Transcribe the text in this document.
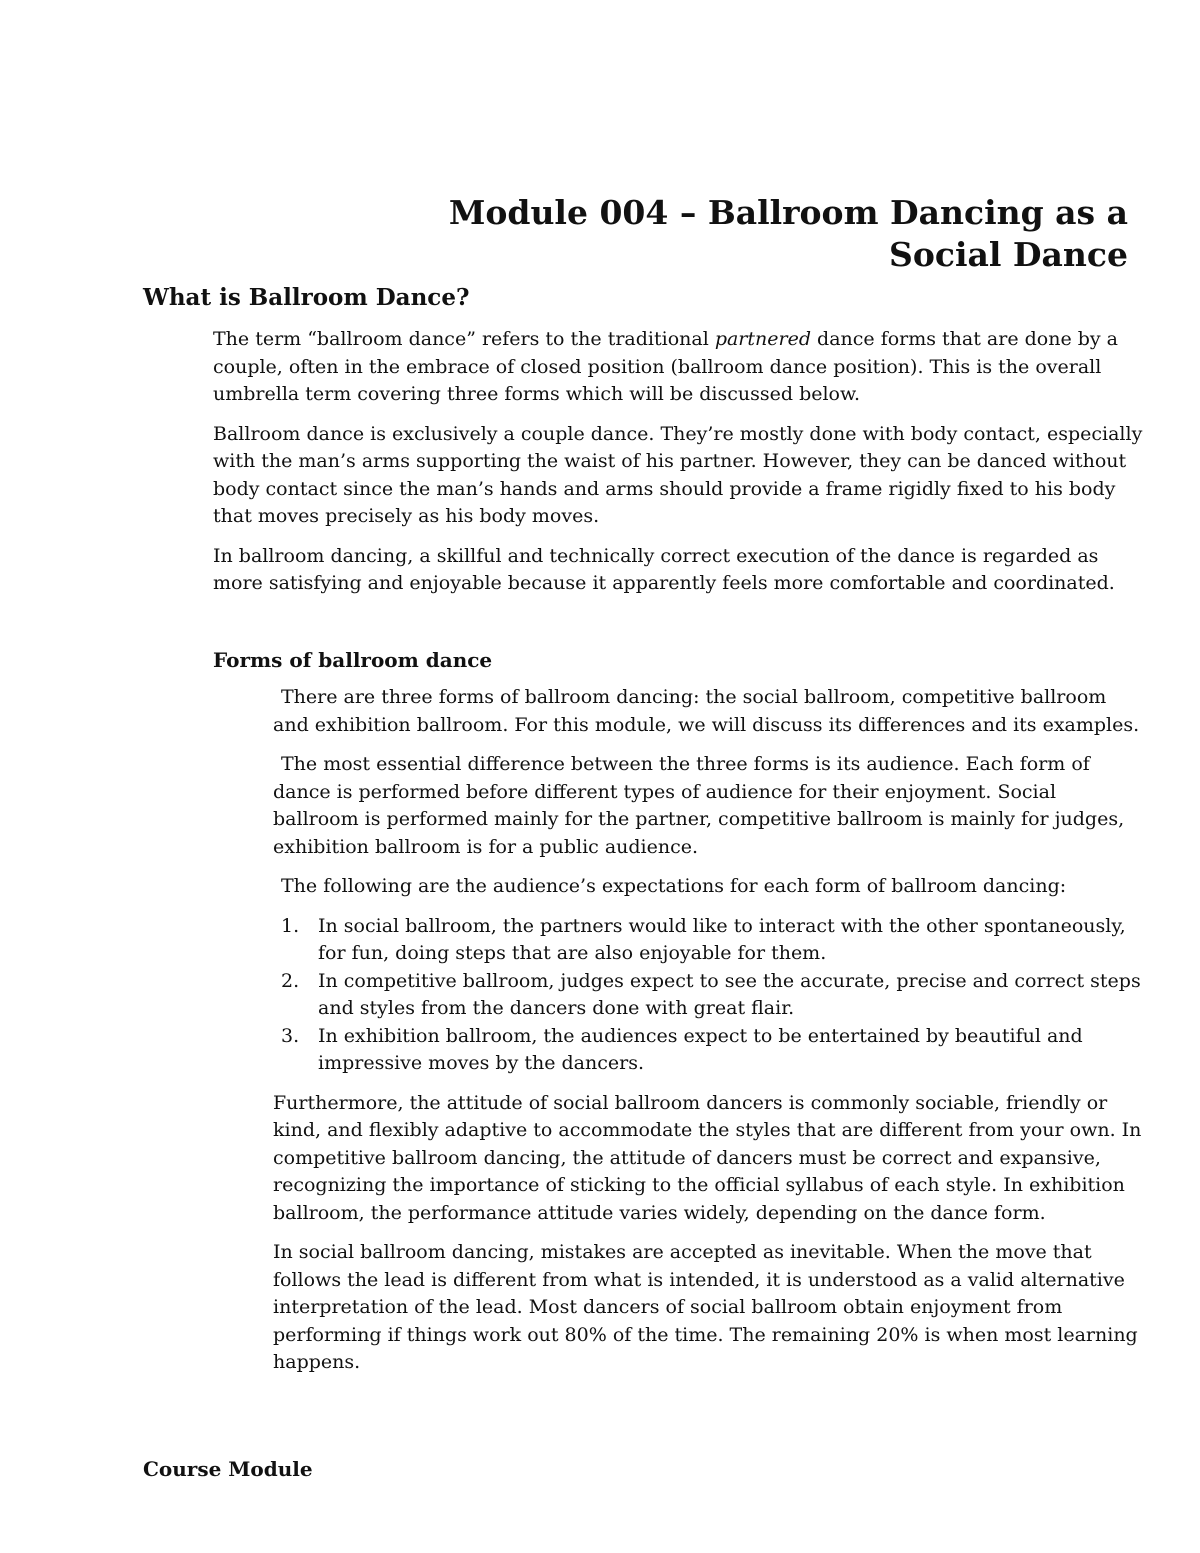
Module 004 – Ballroom Dancing as a Social Dance
What is Ballroom Dance?

The term “ballroom dance” refers to the traditional partnered dance forms that are done by a couple, often in the embrace of closed position (ballroom dance position). This is the overall umbrella term covering three forms which will be discussed below.

Ballroom dance is exclusively a couple dance. They’re mostly done with body contact, especially with the man’s arms supporting the waist of his partner. However, they can be danced without body contact since the man’s hands and arms should provide a frame rigidly fixed to his body that moves precisely as his body moves.

In ballroom dancing, a skillful and technically correct execution of the dance is regarded as more satisfying and enjoyable because it apparently feels more comfortable and coordinated.

Forms of ballroom dance

There are three forms of ballroom dancing: the social ballroom, competitive ballroom and exhibition ballroom. For this module, we will discuss its differences and its examples.

The most essential difference between the three forms is its audience. Each form of dance is performed before different types of audience for their enjoyment. Social ballroom is performed mainly for the partner, competitive ballroom is mainly for judges, exhibition ballroom is for a public audience.

The following are the audience’s expectations for each form of ballroom dancing:

1. In social ballroom, the partners would like to interact with the other spontaneously, for fun, doing steps that are also enjoyable for them.
2. In competitive ballroom, judges expect to see the accurate, precise and correct steps and styles from the dancers done with great flair.
3. In exhibition ballroom, the audiences expect to be entertained by beautiful and impressive moves by the dancers.

Furthermore, the attitude of social ballroom dancers is commonly sociable, friendly or kind, and flexibly adaptive to accommodate the styles that are different from your own. In competitive ballroom dancing, the attitude of dancers must be correct and expansive, recognizing the importance of sticking to the official syllabus of each style. In exhibition ballroom, the performance attitude varies widely, depending on the dance form.

In social ballroom dancing, mistakes are accepted as inevitable. When the move that follows the lead is different from what is intended, it is understood as a valid alternative interpretation of the lead. Most dancers of social ballroom obtain enjoyment from performing if things work out 80% of the time. The remaining 20% is when most learning happens.

Course Module
